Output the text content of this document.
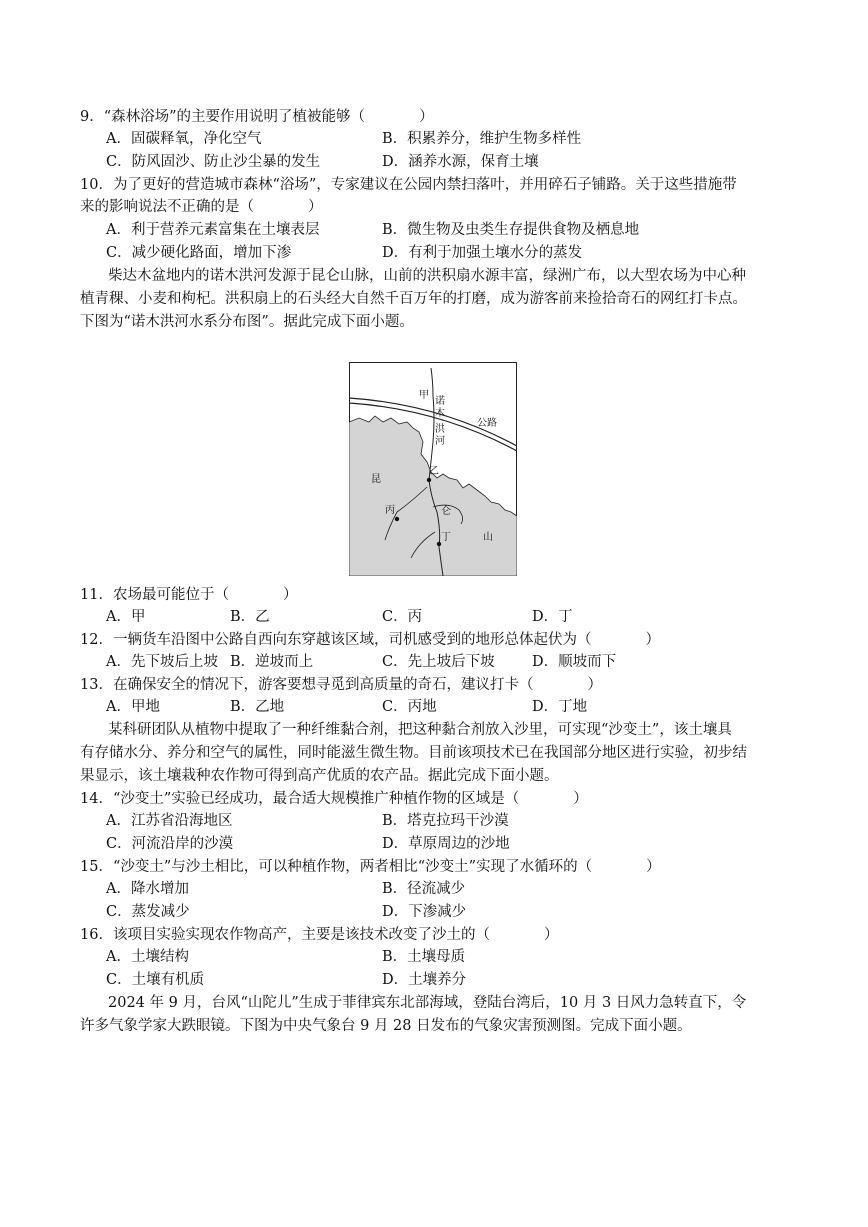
9．“森林浴场”的主要作用说明了植被能够（	）
A．固碳释氧，净化空气	B．积累养分，维护生物多样性
C．防风固沙、防止沙尘暴的发生	D．涵养水源，保育土壤
10．为了更好的营造城市森林“浴场”，专家建议在公园内禁扫落叶，并用碎石子铺路。关于这些措施带
来的影响说法不正确的是（	）
A．利于营养元素富集在土壤表层	B．微生物及虫类生存提供食物及栖息地
C．减少硬化路面，增加下渗	D．有利于加强土壤水分的蒸发
柴达木盆地内的诺木洪河发源于昆仑山脉，山前的洪积扇水源丰富，绿洲广布，以大型农场为中心种
植青稞、小麦和枸杞。洪积扇上的石头经大自然千百万年的打磨，成为游客前来捡拾奇石的网红打卡点。
下图为“诺木洪河水系分布图”。据此完成下面小题。
甲
诺
木
洪
河
公路
乙
昆
丙	仑
丁	山
11．农场最可能位于（	）
A．甲	B．乙	C．丙	D．丁
12．一辆货车沿图中公路自西向东穿越该区域，司机感受到的地形总体起伏为（	）
A．先下坡后上坡 B．逆坡而上	C．先上坡后下坡	D．顺坡而下
13．在确保安全的情况下，游客要想寻觅到高质量的奇石，建议打卡（	）
A．甲地	B．乙地	C．丙地	D．丁地
某科研团队从植物中提取了一种纤维黏合剂，把这种黏合剂放入沙里，可实现“沙变土”，该土壤具
有存储水分、养分和空气的属性，同时能滋生微生物。目前该项技术已在我国部分地区进行实验，初步结
果显示，该土壤栽种农作物可得到高产优质的农产品。据此完成下面小题。
14．“沙变土”实验已经成功，最合适大规模推广种植作物的区域是（	）
A．江苏省沿海地区	B．塔克拉玛干沙漠
C．河流沿岸的沙漠	D．草原周边的沙地
15．“沙变土”与沙土相比，可以种植作物，两者相比“沙变土”实现了水循环的（	）
A．降水增加	B．径流减少
C．蒸发减少	D．下渗减少
16．该项目实验实现农作物高产，主要是该技术改变了沙土的（	）
A．土壤结构	B．土壤母质
C．土壤有机质	D．土壤养分
2024 年 9 月，台风“山陀儿”生成于菲律宾东北部海域，登陆台湾后，10 月 3 日风力急转直下，令
许多气象学家大跌眼镜。下图为中央气象台 9 月 28 日发布的气象灾害预测图。完成下面小题。
